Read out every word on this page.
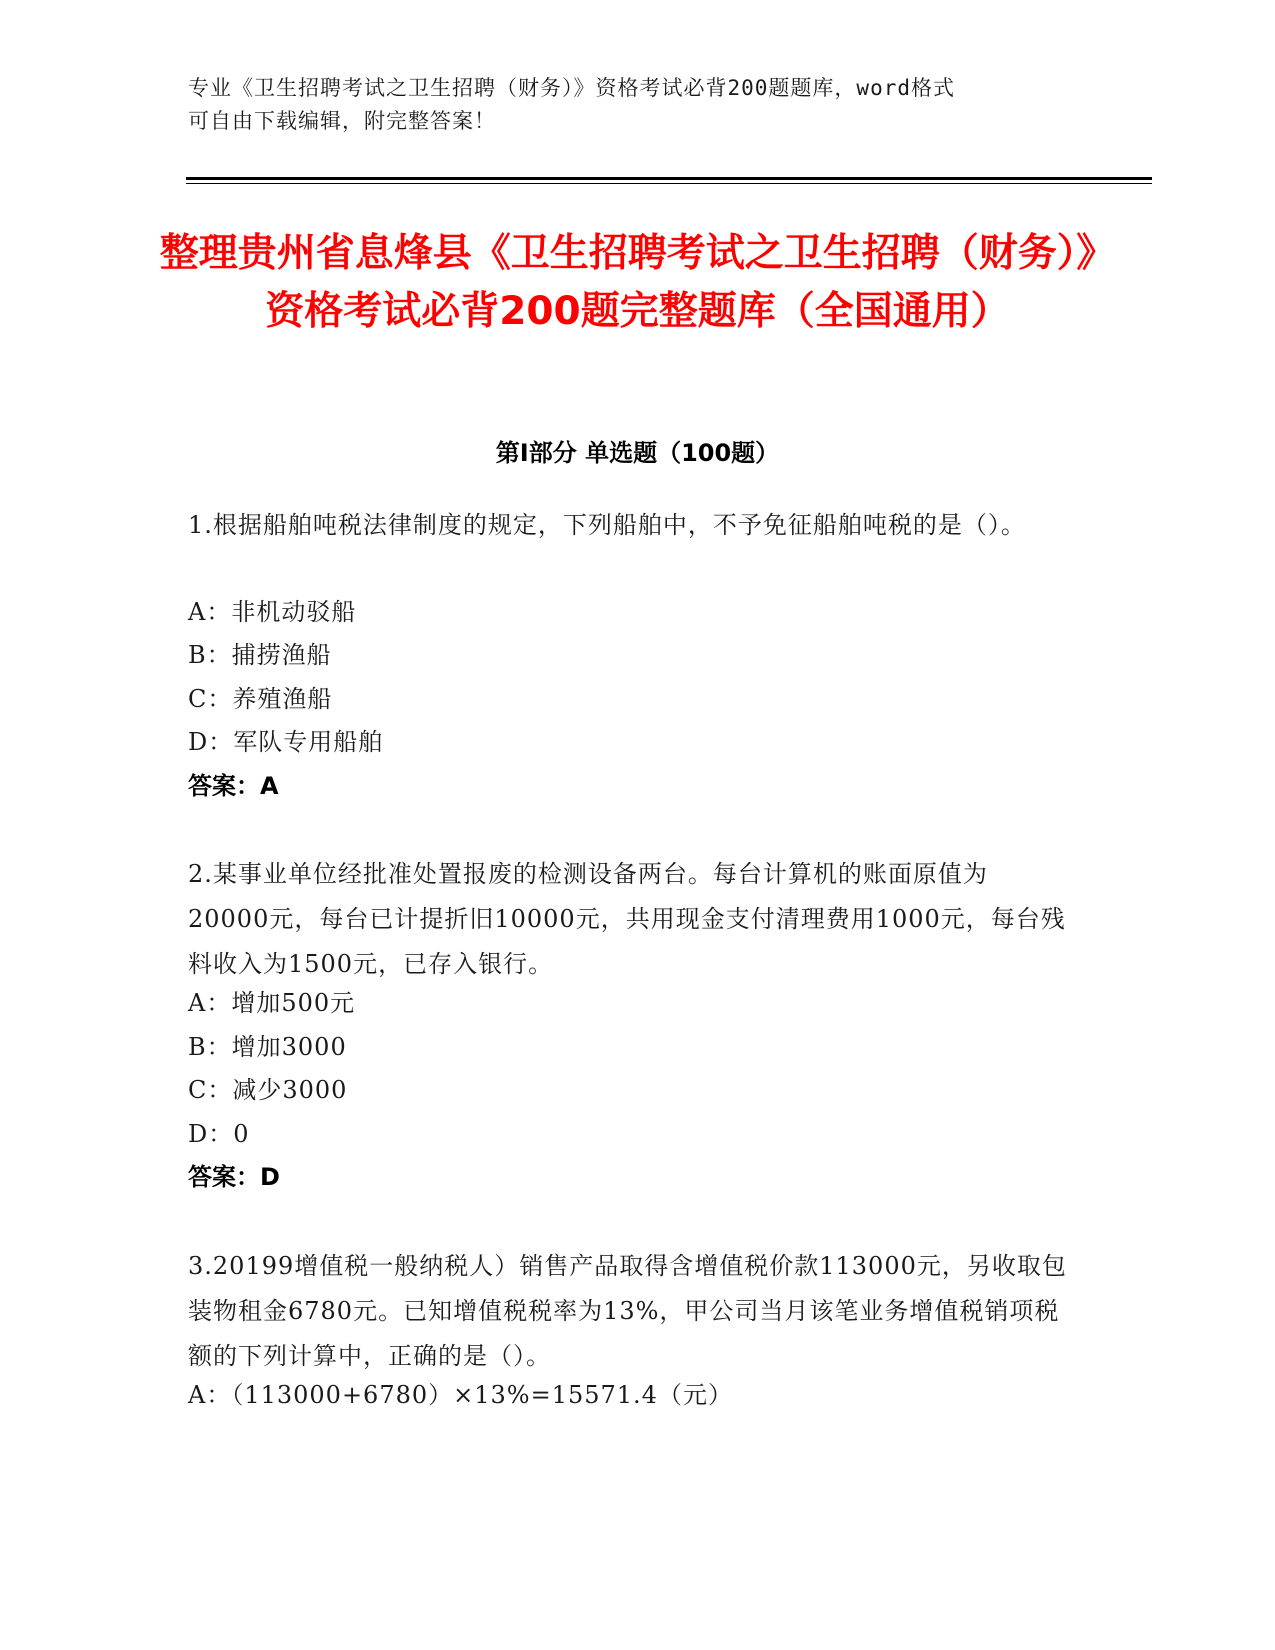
专业《卫生招聘考试之卫生招聘（财务）》资格考试必背200题题库，word格式
可自由下载编辑，附完整答案！
整理贵州省息烽县《卫生招聘考试之卫生招聘（财务）》资格考试必背200题完整题库（全国通用）
第Ⅰ部分 单选题（100题）
1.根据船舶吨税法律制度的规定，下列船舶中，不予免征船舶吨税的是（）。
A：非机动驳船
B：捕捞渔船
C：养殖渔船
D：军队专用船舶
答案：A
2.某事业单位经批准处置报废的检测设备两台。每台计算机的账面原值为20000元，每台已计提折旧10000元，共用现金支付清理费用1000元，每台残料收入为1500元，已存入银行。
A：增加500元
B：增加3000
C：减少3000
D：0
答案：D
3.20199增值税一般纳税人）销售产品取得含增值税价款113000元，另收取包装物租金6780元。已知增值税税率为13%，甲公司当月该笔业务增值税销项税额的下列计算中，正确的是（）。
A：（113000+6780）×13%=15571.4（元）
